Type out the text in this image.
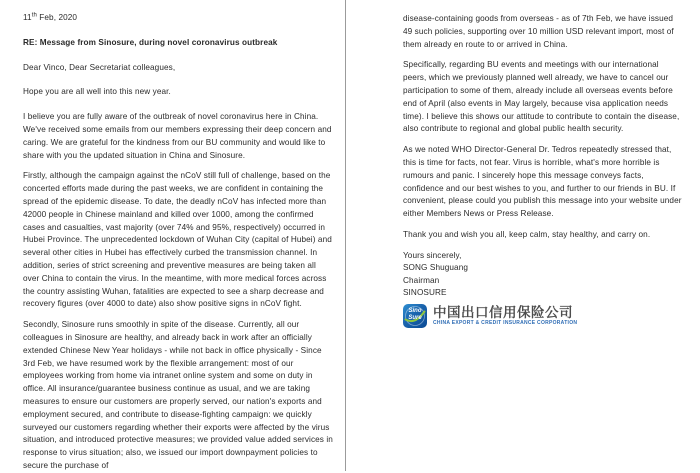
11th Feb, 2020
RE: Message from Sinosure, during novel coronavirus outbreak
Dear Vinco, Dear Secretariat colleagues,
Hope you are all well into this new year.

I believe you are fully aware of the outbreak of novel coronavirus here in China. We've received some emails from our members expressing their deep concern and caring. We are grateful for the kindness from our BU community and would like to share with you the updated situation in China and Sinosure.

Firstly, although the campaign against the nCoV still full of challenge, based on the concerted efforts made during the past weeks, we are confident in containing the spread of the epidemic disease. To date, the deadly nCoV has infected more than 42000 people in Chinese mainland and killed over 1000, among the confirmed cases and casualties, vast majority (over 74% and 95%, respectively) occurred in Hubei Province. The unprecedented lockdown of Wuhan City (capital of Hubei) and several other cities in Hubei has effectively curbed the transmission channel. In addition, series of strict screening and preventive measures are being taken all over China to contain the virus. In the meantime, with more medical forces across the country assisting Wuhan, fatalities are expected to see a sharp decrease and recovery figures (over 4000 to date) also show positive signs in nCoV fight.

Secondly, Sinosure runs smoothly in spite of the disease. Currently, all our colleagues in Sinosure are healthy, and already back in work after an officially extended Chinese New Year holidays - while not back in office physically - Since 3rd Feb, we have resumed work by the flexible arrangement: most of our employees working from home via intranet online system and some on duty in office. All insurance/guarantee business continue as usual, and we are taking measures to ensure our customers are properly served, our nation's exports and employment secured, and contribute to disease-fighting campaign: we quickly surveyed our customers regarding whether their exports were affected by the virus situation, and introduced protective measures; we provided value added services in response to virus situation; also, we issued our import downpayment policies to secure the purchase of

disease-containing goods from overseas - as of 7th Feb, we have issued 49 such policies, supporting over 10 million USD relevant import, most of them already en route to or arrived in China.

Specifically, regarding BU events and meetings with our international peers, which we previously planned well already, we have to cancel our participation to some of them, already include all overseas events before end of April (also events in May largely, because visa application needs time). I believe this shows our attitude to contribute to contain the disease, also contribute to regional and global public health security.

As we noted WHO Director-General Dr. Tedros repeatedly stressed that, this is time for facts, not fear. Virus is horrible, what's more horrible is rumours and panic. I sincerely hope this message conveys facts, confidence and our best wishes to you, and further to our friends in BU. If convenient, please could you publish this message into your website under either Members News or Press Release.

Thank you and wish you all, keep calm, stay healthy, and carry on.

Yours sincerely,
SONG Shuguang
Chairman
SINOSURE
Sino
Sure 中国出口信用保险公司
CHINA EXPORT & CREDIT INSURANCE CORPORATION
